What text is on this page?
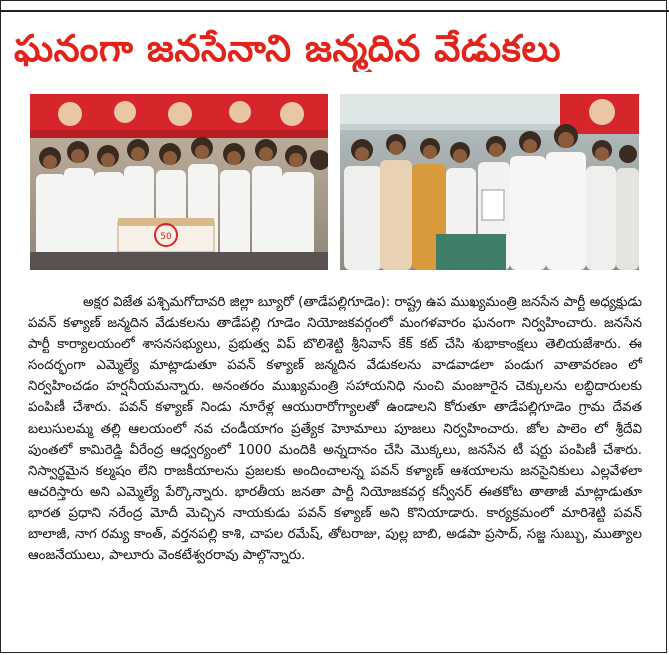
ఘనంగా జనసేనాని జన్మదిన వేడుకలు
50

అక్షర విజేత పశ్చిమగోదావరి జిల్లా బ్యూరో (తాడేపల్లిగూడెం): రాష్ట్ర ఉప ముఖ్యమంత్రి జనసేన పార్టీ అధ్యక్షుడు పవన్ కళ్యాణ్ జన్మదిన వేడుకలను తాడేపల్లి గూడెం నియోజకవర్గంలో మంగళవారం ఘనంగా నిర్వహించారు. జనసేన పార్టీ కార్యాలయంలో శాసనసభ్యులు, ప్రభుత్వ విప్ బొలిశెట్టి శ్రీనివాస్ కేక్ కట్ చేసి శుభాకాంక్షలు తెలియజేశారు. ఈ సందర్భంగా ఎమ్మెల్యే మాట్లాడుతూ పవన్ కళ్యాణ్ జన్మదిన వేడుకలను వాడవాడలా పండుగ వాతావరణం లో నిర్వహించడం హర్షనీయమన్నారు. అనంతరం ముఖ్యమంత్రి సహాయనిధి నుంచి మంజూరైన చెక్కులను లబ్ధిదారులకు పంపిణీ చేశారు. పవన్ కళ్యాణ్ నిండు నూరేళ్ల ఆయురారోగ్యాలతో ఉండాలని కోరుతూ తాడేపల్లిగూడెం గ్రామ దేవత బలుసులమ్మ తల్లి ఆలయంలో నవ చండీయాగం ప్రత్యేక హెూమాలు పూజలు నిర్వహించారు. జోల పాలెం లో శ్రీదేవి పుంతలో కామిరెడ్డి వీరేంద్ర ఆధ్వర్యంలో 1000 మందికి అన్నదానం చేసి మొక్కలు, జనసేన టీ షర్టు పంపిణీ చేశారు. నిస్వార్థమైన కల్మషం లేని రాజకీయాలను ప్రజలకు అందించాలన్న పవన్ కళ్యాణ్ ఆశయాలను జనసైనికులు ఎల్లవేళలా ఆచరిస్తారు అని ఎమ్మెల్యే పేర్కొన్నారు. భారతీయ జనతా పార్టీ నియోజకవర్గ కన్వీనర్ ఈతకోట తాతాజీ మాట్లాడుతూ భారత ప్రధాని నరేంద్ర మోదీ మెచ్చిన నాయకుడు పవన్ కళ్యాణ్ అని కొనియాడారు. కార్యక్రమంలో మారిశెట్టి పవన్ బాలాజీ, నాగ రమ్య కాంత్, వర్తనపల్లి కాశి, చాపల రమేష్, తోటరాజు, పుల్ల బాబి, అడపా ప్రసాద్, సజ్జ సుబ్బు, ముత్యాల ఆంజనేయులు, పాలూరు వెంకటేశ్వరరావు పాల్గొన్నారు.
